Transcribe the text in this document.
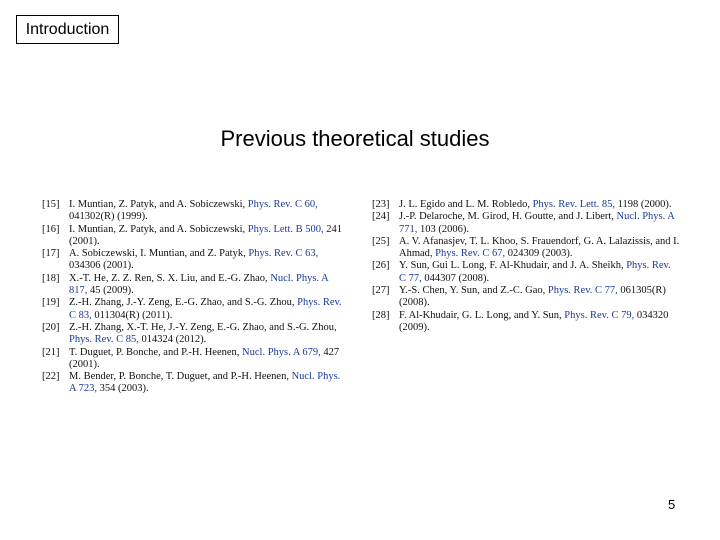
Introduction
Previous theoretical studies

[15] I. Muntian, Z. Patyk, and A. Sobiczewski, Phys. Rev. C 60, 041302(R) (1999).

[16] I. Muntian, Z. Patyk, and A. Sobiczewski, Phys. Lett. B 500, 241 (2001).

[17] A. Sobiczewski, I. Muntian, and Z. Patyk, Phys. Rev. C 63, 034306 (2001).

[18] X.-T. He, Z. Z. Ren, S. X. Liu, and E.-G. Zhao, Nucl. Phys. A 817, 45 (2009).

[19] Z.-H. Zhang, J.-Y. Zeng, E.-G. Zhao, and S.-G. Zhou, Phys. Rev. C 83, 011304(R) (2011).

[20] Z.-H. Zhang, X.-T. He, J.-Y. Zeng, E.-G. Zhao, and S.-G. Zhou, Phys. Rev. C 85, 014324 (2012).

[21] T. Duguet, P. Bonche, and P.-H. Heenen, Nucl. Phys. A 679, 427 (2001).

[22] M. Bender, P. Bonche, T. Duguet, and P.-H. Heenen, Nucl. Phys. A 723, 354 (2003).

[23] J. L. Egido and L. M. Robledo, Phys. Rev. Lett. 85, 1198 (2000).

[24] J.-P. Delaroche, M. Girod, H. Goutte, and J. Libert, Nucl. Phys. A 771, 103 (2006).

[25] A. V. Afanasjev, T. L. Khoo, S. Frauendorf, G. A. Lalazissis, and I. Ahmad, Phys. Rev. C 67, 024309 (2003).

[26] Y. Sun, Gui L. Long, F. Al-Khudair, and J. A. Sheikh, Phys. Rev. C 77, 044307 (2008).

[27] Y.-S. Chen, Y. Sun, and Z.-C. Gao, Phys. Rev. C 77, 061305(R) (2008).

[28] F. Al-Khudair, G. L. Long, and Y. Sun, Phys. Rev. C 79, 034320 (2009).

5
